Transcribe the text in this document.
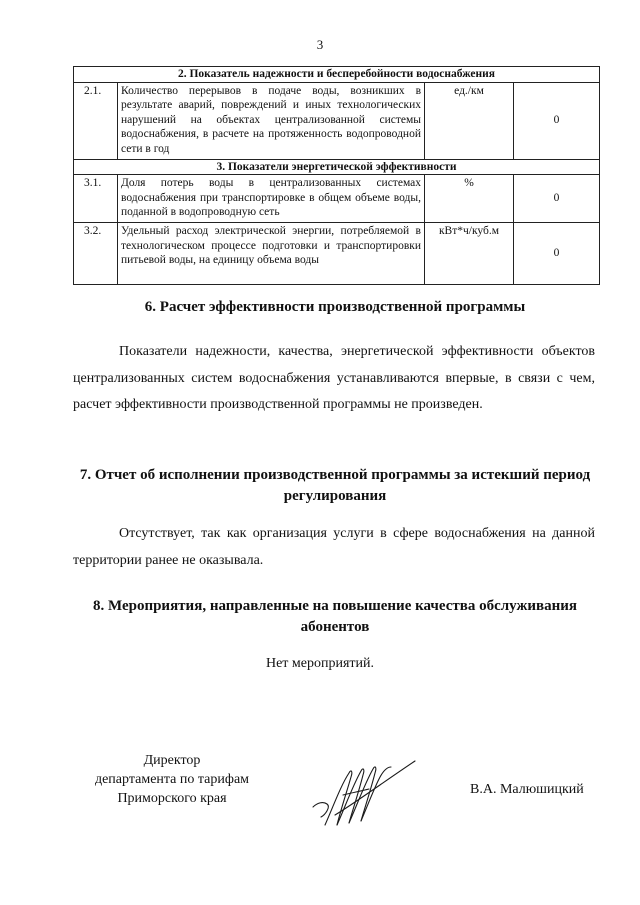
3
2. Показатель надежности и бесперебойности водоснабжения			
2.1.	Количество перерывов в подаче воды, возникших в результате аварий, повреждений и иных технологических нарушений на объектах централизованной системы водоснабжения, в расчете на протяженность водопроводной сети в год	ед./км	0
3. Показатели энергетической эффективности			
3.1.	Доля потерь воды в централизованных системах водоснабжения при транспортировке в общем объеме воды, поданной в водопроводную сеть	%	0
3.2.	Удельный расход электрической энергии, потребляемой в технологическом процессе подготовки и транспортировки питьевой воды, на единицу объема воды	кВт*ч/куб.м	0
6. Расчет эффективности производственной программы
Показатели надежности, качества, энергетической эффективности объектов централизованных систем водоснабжения устанавливаются впервые, в связи с чем, расчет эффективности производственной программы не произведен.
7. Отчет об исполнении производственной программы за истекший период регулирования
Отсутствует, так как организация услуги в сфере водоснабжения на данной территории ранее не оказывала.
8. Мероприятия, направленные на повышение качества обслуживания абонентов
Нет мероприятий.
Директор
департамента по тарифам
Приморского края
В.А. Малюшицкий
